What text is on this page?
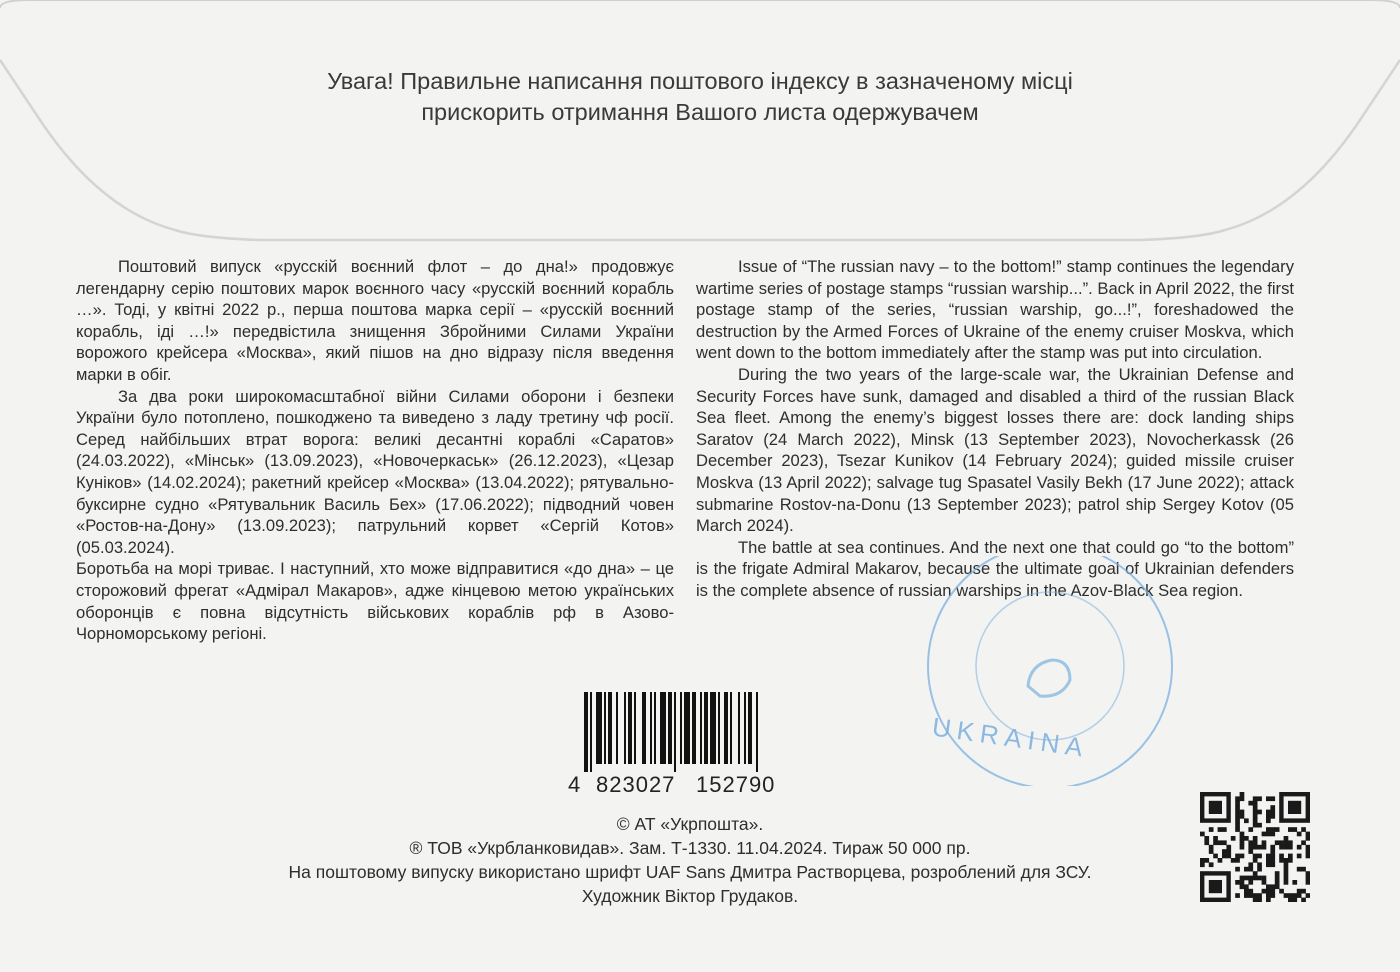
Увага! Правильне написання поштового індексу в зазначеному місці
прискорить отримання Вашого листа одержувачем

Поштовий випуск «русскій воєнний флот – до дна!» продовжує легендарну серію поштових марок воєнного часу «русскій воєнний корабль …». Тоді, у квітні 2022 р., перша поштова марка серії – «русскій воєнний корабль, іді …!» передвістила знищення Збройними Силами України ворожого крейсера «Москва», який пішов на дно відразу після введення марки в обіг.

За два роки широкомасштабної війни Силами оборони і безпеки України було потоплено, пошкоджено та виведено з ладу третину чф росії. Серед найбільших втрат ворога: великі десантні кораблі «Саратов» (24.03.2022), «Мінськ» (13.09.2023), «Новочеркаськ» (26.12.2023), «Цезар Куніков» (14.02.2024); ракетний крейсер «Москва» (13.04.2022); рятувально-буксирне судно «Рятувальник Василь Бех» (17.06.2022); підводний човен «Ростов-на-Дону» (13.09.2023); патрульний корвет «Сергій Котов» (05.03.2024).

Боротьба на морі триває. І наступний, хто може відправитися «до дна» – це сторожовий фрегат «Адмірал Макаров», адже кінцевою метою українських оборонців є повна відсутність військових кораблів рф в Азово-Чорноморському регіоні.

Issue of “The russian navy – to the bottom!” stamp continues the legendary wartime series of postage stamps “russian warship...”. Back in April 2022, the first postage stamp of the series, “russian warship, go...!”, foreshadowed the destruction by the Armed Forces of Ukraine of the enemy cruiser Moskva, which went down to the bottom immediately after the stamp was put into circulation.

During the two years of the large-scale war, the Ukrainian Defense and Security Forces have sunk, damaged and disabled a third of the russian Black Sea fleet. Among the enemy’s biggest losses there are: dock landing ships Saratov (24 March 2022), Minsk (13 September 2023), Novocherkassk (26 December 2023), Tsezar Kunikov (14 February 2024); guided missile cruiser Moskva (13 April 2022); salvage tug Spasatel Vasily Bekh (17 June 2022); attack submarine Rostov-na-Donu (13 September 2023); patrol ship Sergey Kotov (05 March 2024).

The battle at sea continues. And the next one that could go “to the bottom” is the frigate Admiral Makarov, because the ultimate goal of Ukrainian defenders is the complete absence of russian warships in the Azov-Black Sea region.

UKRAINA
4 823027 152790
© АТ «Укрпошта».
® ТОВ «Укрбланковидав». Зам. Т-1330. 11.04.2024. Тираж 50 000 пр.
На поштовому випуску використано шрифт UAF Sans Дмитра Растворцева, розроблений для ЗСУ.
Художник Віктор Грудаков.
